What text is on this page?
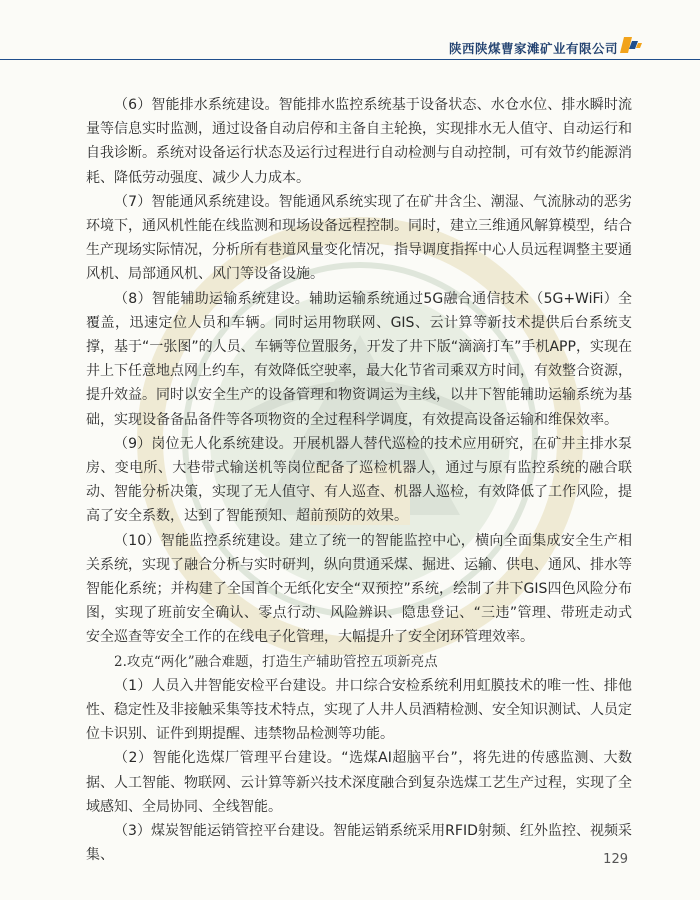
陕西陕煤曹家滩矿业有限公司

（6）智能排水系统建设。智能排水监控系统基于设备状态、水仓水位、排水瞬时流量等信息实时监测，通过设备自动启停和主备自主轮换，实现排水无人值守、自动运行和自我诊断。系统对设备运行状态及运行过程进行自动检测与自动控制，可有效节约能源消耗、降低劳动强度、减少人力成本。

（7）智能通风系统建设。智能通风系统实现了在矿井含尘、潮湿、气流脉动的恶劣环境下，通风机性能在线监测和现场设备远程控制。同时，建立三维通风解算模型，结合生产现场实际情况，分析所有巷道风量变化情况，指导调度指挥中心人员远程调整主要通风机、局部通风机、风门等设备设施。

（8）智能辅助运输系统建设。辅助运输系统通过5G融合通信技术（5G+WiFi）全覆盖，迅速定位人员和车辆。同时运用物联网、GIS、云计算等新技术提供后台系统支撑，基于“一张图”的人员、车辆等位置服务，开发了井下版“滴滴打车”手机APP，实现在井上下任意地点网上约车，有效降低空驶率，最大化节省司乘双方时间，有效整合资源，提升效益。同时以安全生产的设备管理和物资调运为主线，以井下智能辅助运输系统为基础，实现设备备品备件等各项物资的全过程科学调度，有效提高设备运输和维保效率。

（9）岗位无人化系统建设。开展机器人替代巡检的技术应用研究，在矿井主排水泵房、变电所、大巷带式输送机等岗位配备了巡检机器人，通过与原有监控系统的融合联动、智能分析决策，实现了无人值守、有人巡查、机器人巡检，有效降低了工作风险，提高了安全系数，达到了智能预知、超前预防的效果。

（10）智能监控系统建设。建立了统一的智能监控中心，横向全面集成安全生产相关系统，实现了融合分析与实时研判，纵向贯通采煤、掘进、运输、供电、通风、排水等智能化系统；并构建了全国首个无纸化安全“双预控”系统，绘制了井下GIS四色风险分布图，实现了班前安全确认、零点行动、风险辨识、隐患登记、“三违”管理、带班走动式安全巡查等安全工作的在线电子化管理，大幅提升了安全闭环管理效率。

2.攻克“两化”融合难题，打造生产辅助管控五项新亮点

（1）人员入井智能安检平台建设。井口综合安检系统利用虹膜技术的唯一性、排他性、稳定性及非接触采集等技术特点，实现了人井人员酒精检测、安全知识测试、人员定位卡识别、证件到期提醒、违禁物品检测等功能。

（2）智能化选煤厂管理平台建设。“选煤AI超脑平台”，将先进的传感监测、大数据、人工智能、物联网、云计算等新兴技术深度融合到复杂选煤工艺生产过程，实现了全域感知、全局协同、全线智能。

（3）煤炭智能运销管控平台建设。智能运销系统采用RFID射频、红外监控、视频采集、	129
